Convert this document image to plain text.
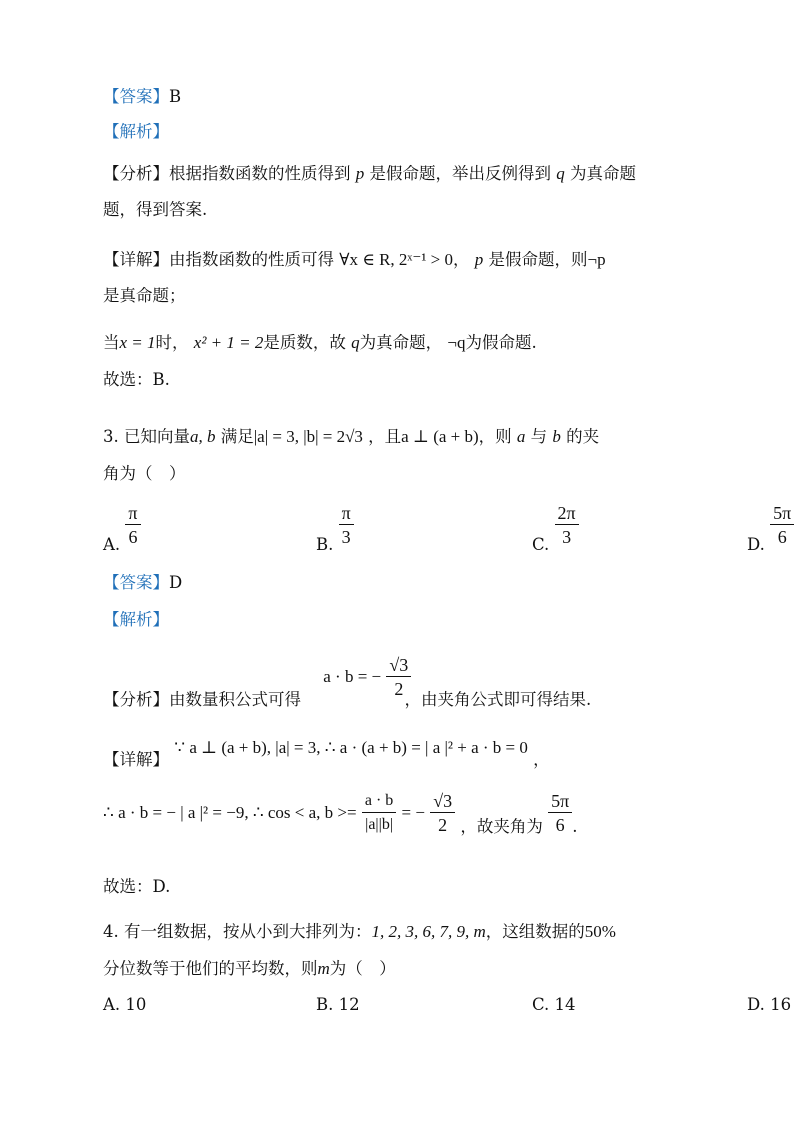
【答案】B
【解析】
【分析】根据指数函数的性质得到 p 是假命题，举出反例得到 q 为真命题
题，得到答案.
【详解】由指数函数的性质可得 ∀x ∈ R, 2ˣ⁻¹ > 0， p 是假命题，则¬p
是真命题；
当x = 1时， x² + 1 = 2是质数，故 q为真命题， ¬q为假命题.
故选：B.
3. 已知向量a, b 满足|a| = 3, |b| = 2√3 ，且a ⊥ (a + b)，则 a 与 b 的夹
角为（　）
A. $\frac{\pi}{6}$	B. $\frac{\pi}{3}$	C. $\frac{2\pi}{3}$	D. $\frac{5\pi}{6}$
【答案】D
【解析】
a · b = − $\frac{√3}{2}$
【分析】由数量积公式可得	，由夹角公式即可得结果.
【详解】 ∵ a ⊥ (a + b), |a| = 3, ∴ a · (a + b) = | a |² + a · b = 0 ，
∴ a · b = − | a |² = −9, ∴ cos < a, $b >= \frac{a \cdot b}{|a||b|}$ = − $\frac{√3}{2}$ ，故夹角为 $\frac{5\pi}{6}$ .
故选：D.
4. 有一组数据，按从小到大排列为：1, 2, 3, 6, 7, 9, m，这组数据的50%
分位数等于他们的平均数，则m为（　）
A. 10	B. 12	C. 14	D. 16
